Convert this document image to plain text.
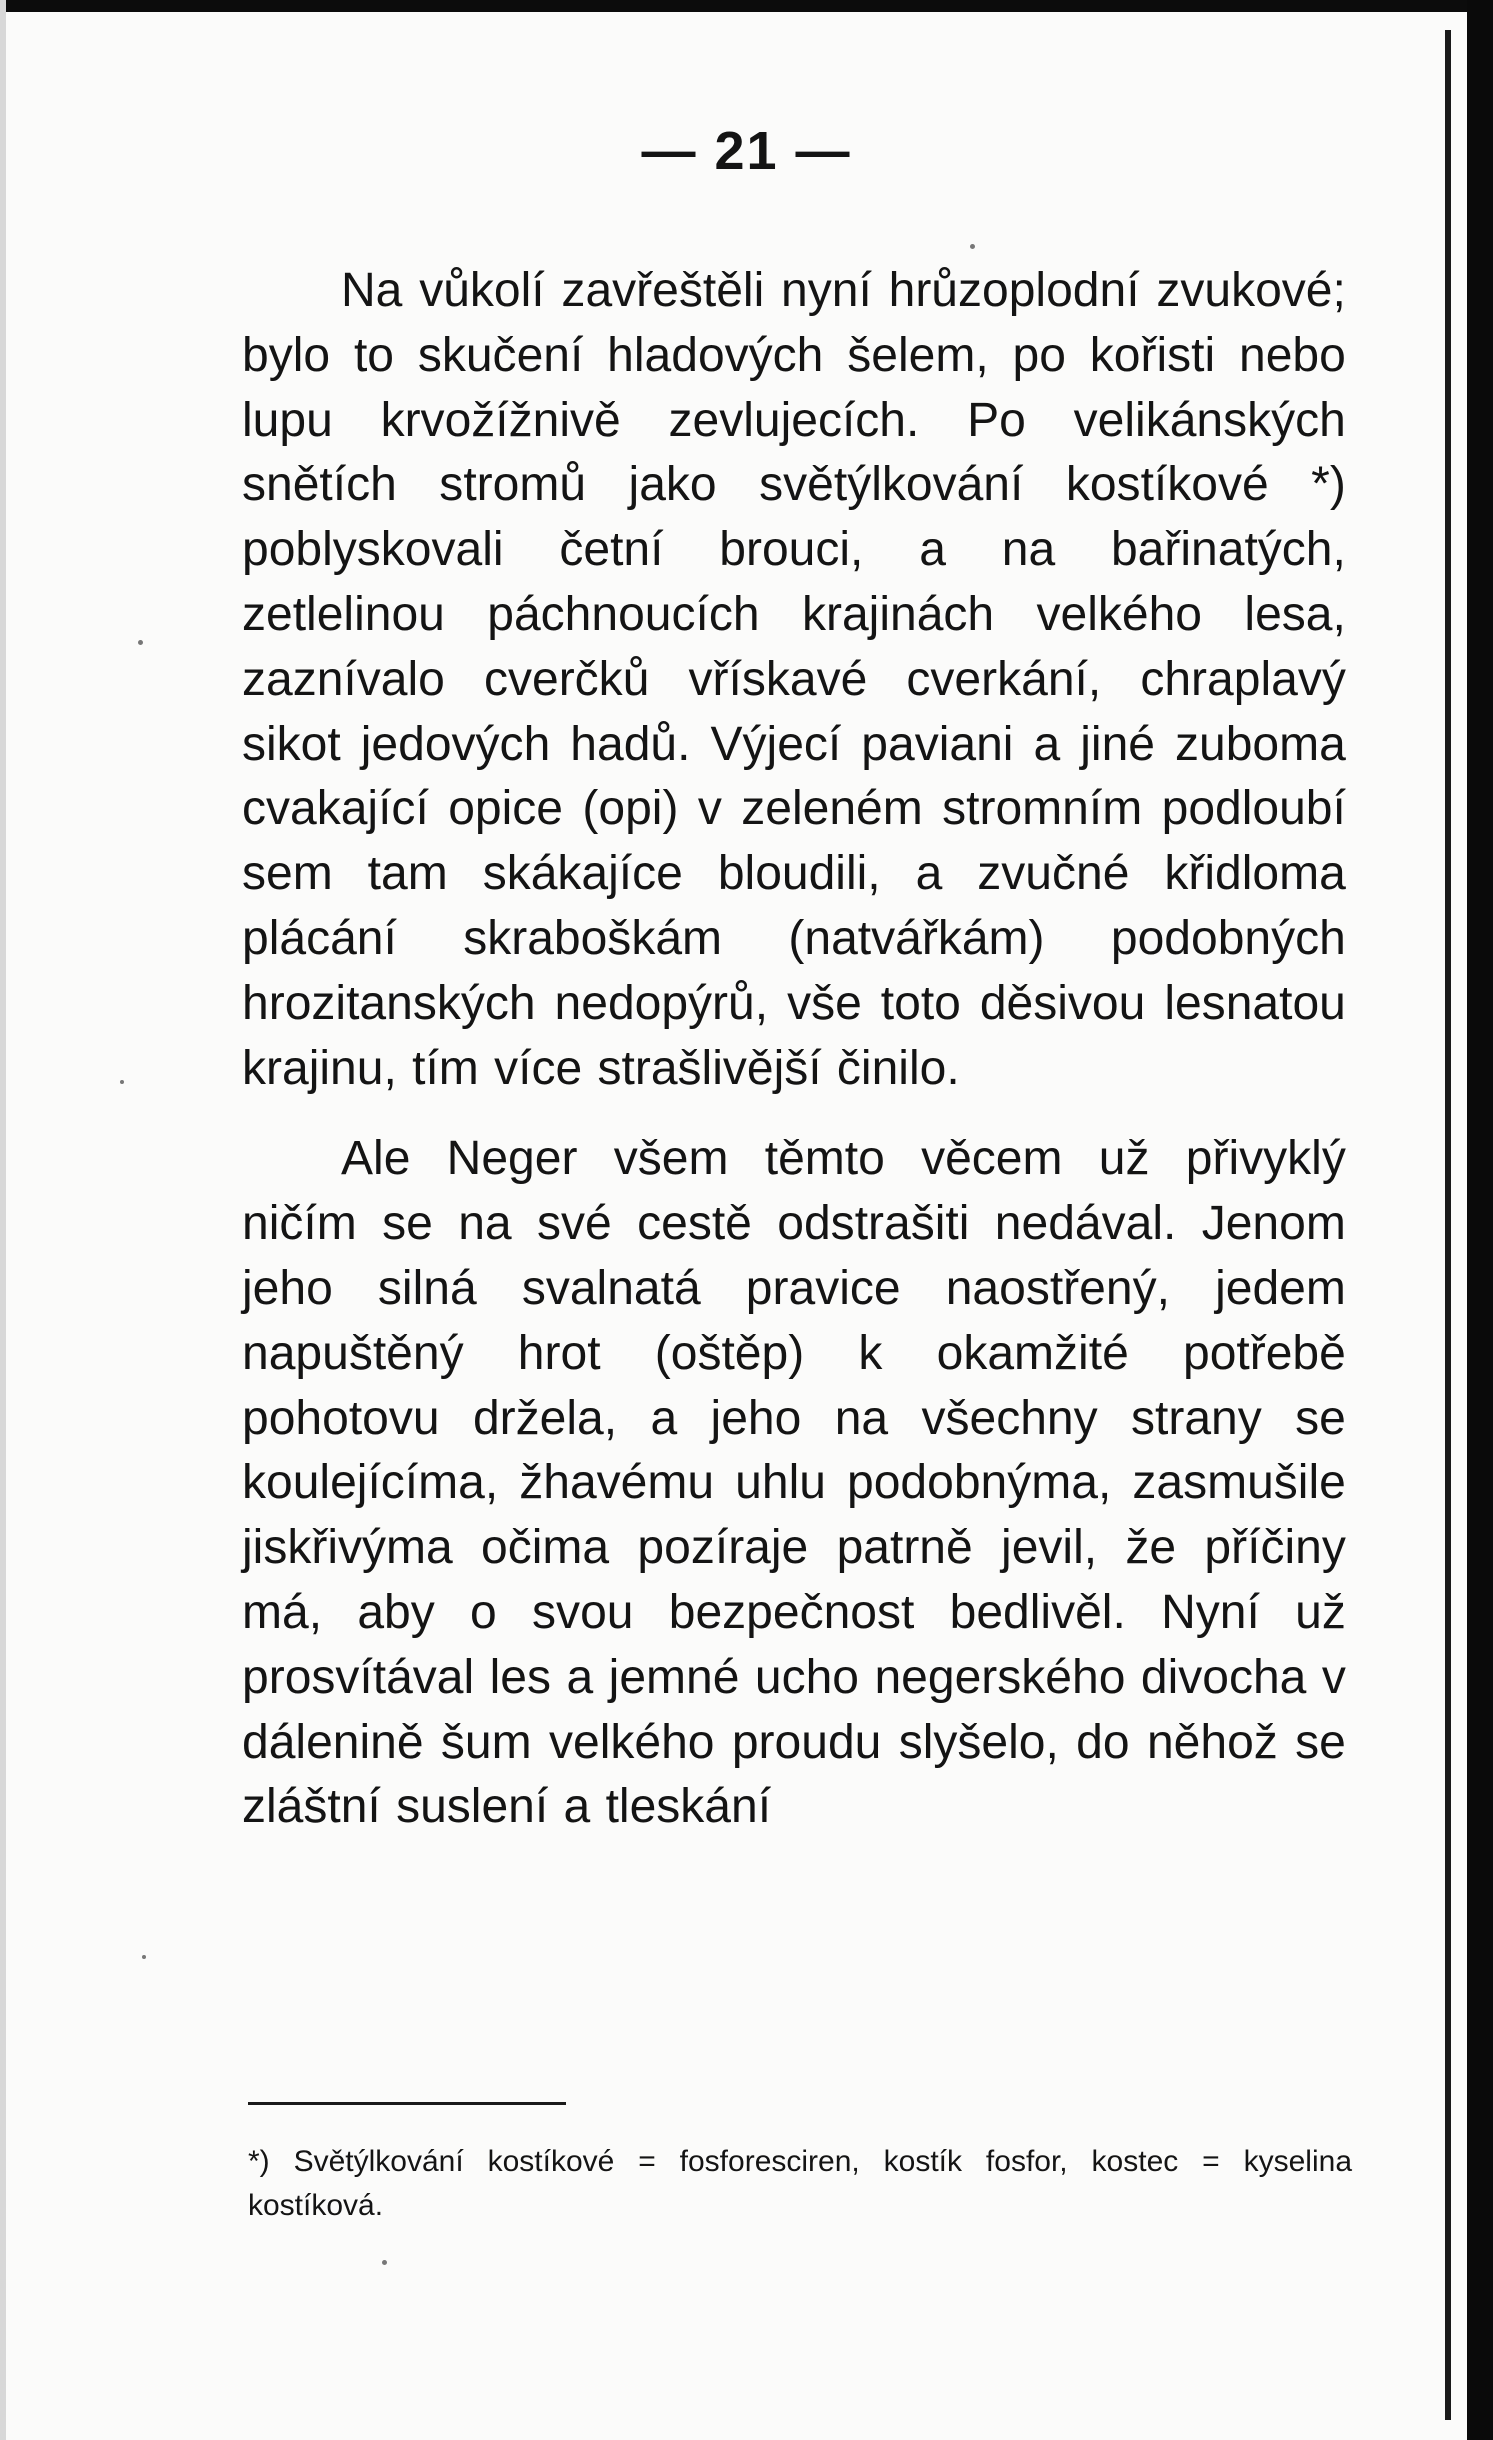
— 21 —

Na vůkolí zavřeštěli nyní hrůzoplodní zvukové; bylo to skučení hladových šelem, po kořisti nebo lupu krvožížnivě zevlujecích. Po velikánských snětích stromů jako světýlkování kostíkové *) poblyskovali četní brouci, a na bařinatých, zetlelinou páchnoucích krajinách velkého lesa, zaznívalo cverčků vřískavé cverkání, chraplavý sikot jedových hadů. Výjecí paviani a jiné zuboma cvakající opice (opi) v zeleném stromním podloubí sem tam skákajíce bloudili, a zvučné křidloma plácání skraboškám (natvářkám) podobných hrozitanských nedopýrů, vše toto děsivou lesnatou krajinu, tím více strašlivější činilo.

Ale Neger všem těmto věcem už přivyklý ničím se na své cestě odstrašiti nedával. Jenom jeho silná svalnatá pravice naostřený, jedem napuštěný hrot (oštěp) k okamžité potřebě pohotovu držela, a jeho na všechny strany se koulejícíma, žhavému uhlu podobnýma, zasmušile jiskřivýma očima pozíraje patrně jevil, že příčiny má, aby o svou bezpečnost bedlivěl. Nyní už prosvítával les a jemné ucho negerského divocha v dálenině šum velkého proudu slyšelo, do něhož se zláštní suslení a tleskání

*) Světýlkování kostíkové = fosforesciren, kostík fosfor, kostec = kyselina kostíková.
